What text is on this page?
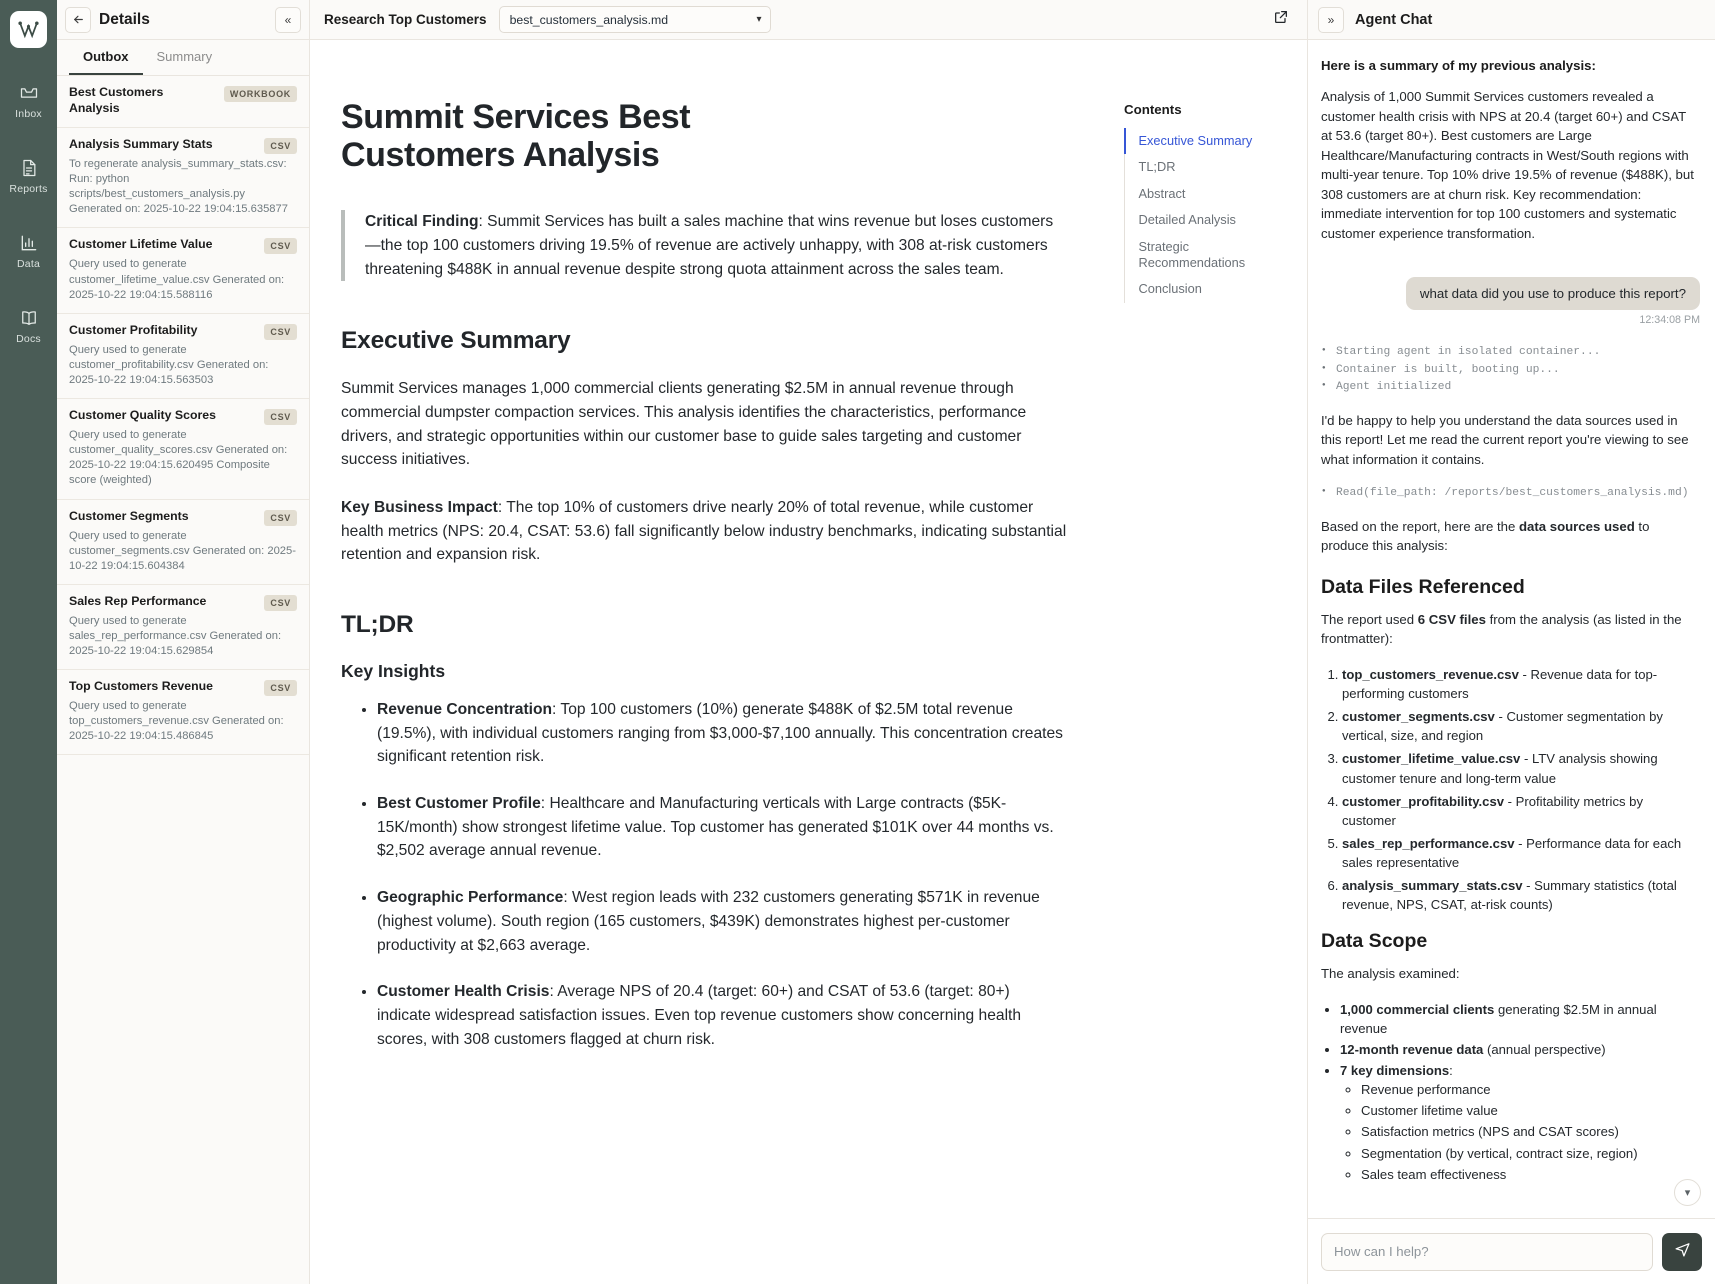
Inbox
Reports
Data
Docs
Details	«
Outbox	Summary
Best Customers Analysis
WORKBOOK
Analysis Summary Stats	CSV
To regenerate analysis_summary_stats.csv: Run: python scripts/best_customers_analysis.py Generated on: 2025-10-22 19:04:15.635877
Customer Lifetime Value	CSV
Query used to generate customer_lifetime_value.csv Generated on: 2025-10-22 19:04:15.588116
Customer Profitability	CSV
Query used to generate customer_profitability.csv Generated on: 2025-10-22 19:04:15.563503
Customer Quality Scores	CSV
Query used to generate customer_quality_scores.csv Generated on: 2025-10-22 19:04:15.620495 Composite score (weighted)
Customer Segments	CSV
Query used to generate customer_segments.csv Generated on: 2025-10-22 19:04:15.604384
Sales Rep Performance	CSV
Query used to generate sales_rep_performance.csv Generated on: 2025-10-22 19:04:15.629854
Top Customers Revenue	CSV
Query used to generate top_customers_revenue.csv Generated on: 2025-10-22 19:04:15.486845
Research Top Customers best_customers_analysis.md	▾
Summit Services Best Customers Analysis

Critical Finding: Summit Services has built a sales machine that wins revenue but loses customers—the top 100 customers driving 19.5% of revenue are actively unhappy, with 308 at-risk customers threatening $488K in annual revenue despite strong quota attainment across the sales team.

Executive Summary

Summit Services manages 1,000 commercial clients generating $2.5M in annual revenue through commercial dumpster compaction services. This analysis identifies the characteristics, performance drivers, and strategic opportunities within our customer base to guide sales targeting and customer success initiatives.

Key Business Impact: The top 10% of customers drive nearly 20% of total revenue, while customer health metrics (NPS: 20.4, CSAT: 53.6) fall significantly below industry benchmarks, indicating substantial retention and expansion risk.

TL;DR
Key Insights
• Revenue Concentration: Top 100 customers (10%) generate $488K of $2.5M total revenue (19.5%), with individual customers ranging from $3,000-$7,100 annually. This concentration creates significant retention risk.
• Best Customer Profile: Healthcare and Manufacturing verticals with Large contracts ($5K-15K/month) show strongest lifetime value. Top customer has generated $101K over 44 months vs. $2,502 average annual revenue.
• Geographic Performance: West region leads with 232 customers generating $571K in revenue (highest volume). South region (165 customers, $439K) demonstrates highest per-customer productivity at $2,663 average.
• Customer Health Crisis: Average NPS of 20.4 (target: 60+) and CSAT of 53.6 (target: 80+) indicate widespread satisfaction issues. Even top revenue customers show concerning health scores, with 308 customers flagged at churn risk.
Contents
Executive Summary
TL;DR
Abstract
Detailed Analysis
Strategic Recommendations
Conclusion
» Agent Chat
Here is a summary of my previous analysis:
Analysis of 1,000 Summit Services customers revealed a customer health crisis with NPS at 20.4 (target 60+) and CSAT at 53.6 (target 80+). Best customers are Large Healthcare/Manufacturing contracts in West/South regions with multi-year tenure. Top 10% drive 19.5% of revenue ($488K), but 308 customers are at churn risk. Key recommendation: immediate intervention for top 100 customers and systematic customer experience transformation.
what data did you use to produce this report?
12:34:08 PM
● Starting agent in isolated container...
● Container is built, booting up...
● Agent initialized
I'd be happy to help you understand the data sources used in this report! Let me read the current report you're viewing to see what information it contains.
● Read(file_path: /reports/best_customers_analysis.md)
Based on the report, here are the data sources used to produce this analysis:
Data Files Referenced
The report used 6 CSV files from the analysis (as listed in the frontmatter):
1. top_customers_revenue.csv - Revenue data for top-performing customers
2. customer_segments.csv - Customer segmentation by vertical, size, and region
3. customer_lifetime_value.csv - LTV analysis showing customer tenure and long-term value
4. customer_profitability.csv - Profitability metrics by customer
5. sales_rep_performance.csv - Performance data for each sales representative
6. analysis_summary_stats.csv - Summary statistics (total revenue, NPS, CSAT, at-risk counts)
Data Scope
The analysis examined:
• 1,000 commercial clients generating $2.5M in annual revenue
• 12-month revenue data (annual perspective)
• 7 key dimensions:
◦ Revenue performance
◦ Customer lifetime value
◦ Satisfaction metrics (NPS and CSAT scores)
◦ Segmentation (by vertical, contract size, region)
◦ Sales team effectiveness
▾
How can I help?
